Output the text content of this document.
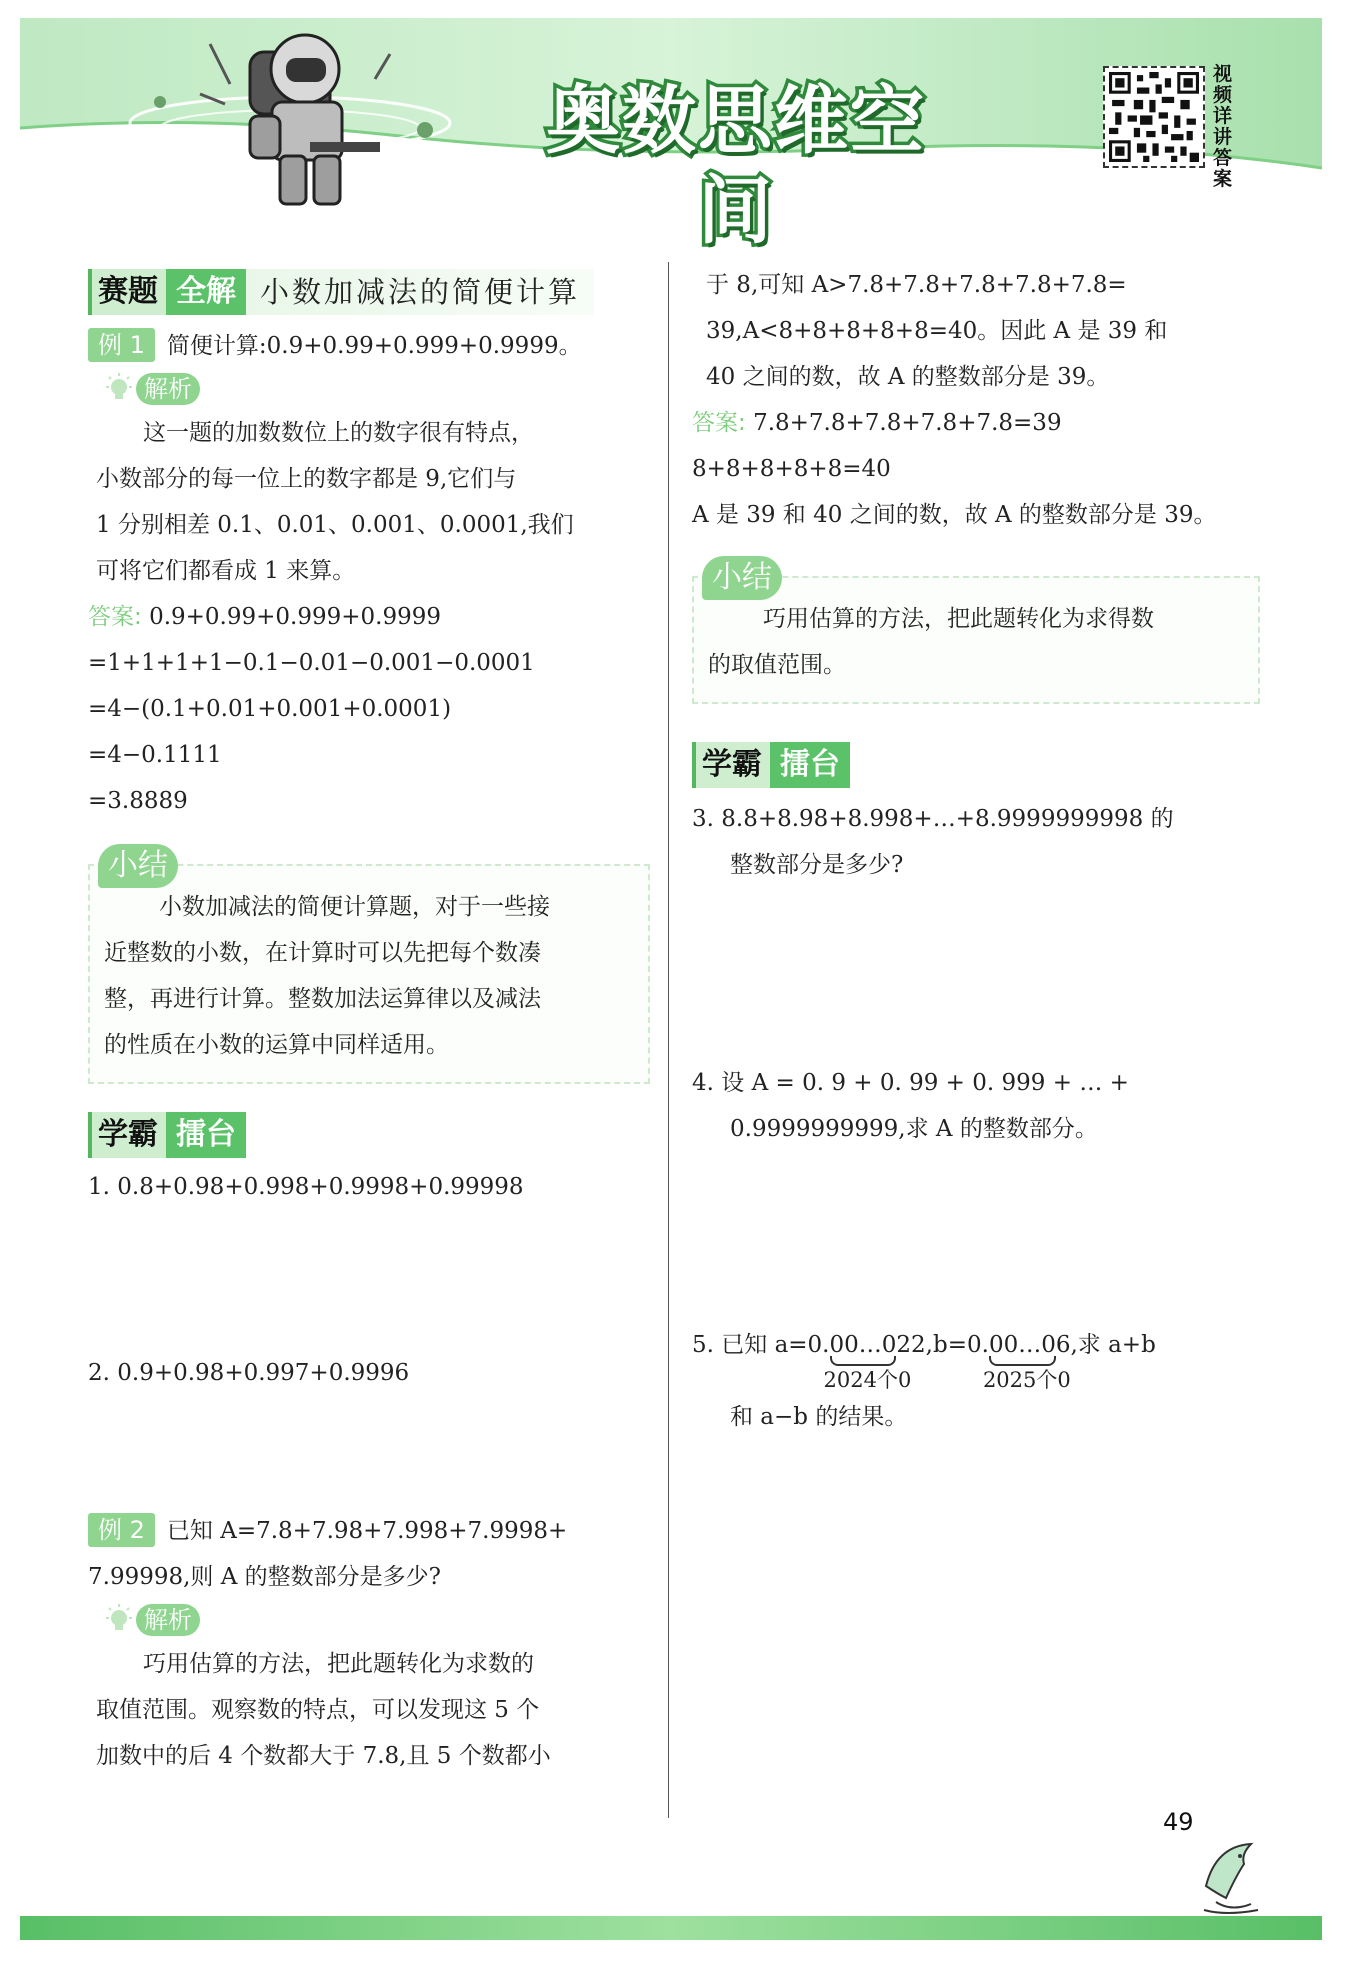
奥数思维空间
视
频
详
讲
答
案
赛题 全解 小数加减法的简便计算
例 1 简便计算:0.9+0.99+0.999+0.9999。
解析
这一题的加数数位上的数字很有特点，
小数部分的每一位上的数字都是 9,它们与
1 分别相差 0.1、0.01、0.001、0.0001,我们
可将它们都看成 1 来算。
答案: 0.9+0.99+0.999+0.9999
=1+1+1+1−0.1−0.01−0.001−0.0001
=4−(0.1+0.01+0.001+0.0001)
=4−0.1111
=3.8889
小结
小数加减法的简便计算题，对于一些接
近整数的小数，在计算时可以先把每个数凑
整，再进行计算。整数加法运算律以及减法
的性质在小数的运算中同样适用。
学霸 擂台
1. 0.8+0.98+0.998+0.9998+0.99998
2. 0.9+0.98+0.997+0.9996
例 2 已知 A=7.8+7.98+7.998+7.9998+
7.99998,则 A 的整数部分是多少?
解析
巧用估算的方法，把此题转化为求数的
取值范围。观察数的特点，可以发现这 5 个
加数中的后 4 个数都大于 7.8,且 5 个数都小
于 8,可知 A>7.8+7.8+7.8+7.8+7.8=
39,A<8+8+8+8+8=40。因此 A 是 39 和
40 之间的数，故 A 的整数部分是 39。
答案: 7.8+7.8+7.8+7.8+7.8=39
8+8+8+8+8=40
A 是 39 和 40 之间的数，故 A 的整数部分是 39。
小结
巧用估算的方法，把此题转化为求得数
的取值范围。
学霸 擂台
3. 8.8+8.98+8.998+…+8.9999999998 的
整数部分是多少?
4. 设 A = 0. 9 + 0. 99 + 0. 999 + … +
0.9999999999,求 A 的整数部分。
5. 已知 a=0.00…0
2024个0
22,b=0.00…0
2025个0
6,求 a+b
和 a−b 的结果。
49
